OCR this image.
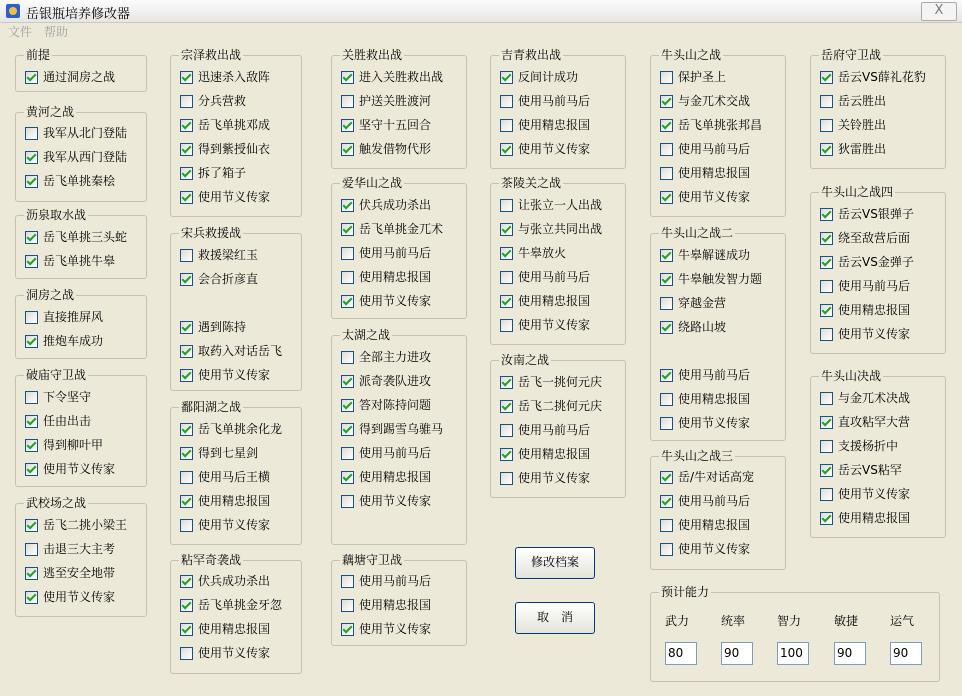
岳银瓶培养修改器	X
文件 帮助
前提
通过洞房之战
黄河之战
我军从北门登陆
我军从西门登陆
岳飞单挑秦桧
沥泉取水战
岳飞单挑三头蛇
岳飞单挑牛皋
洞房之战
直接推屏风
推炮车成功
破庙守卫战
下令坚守
任由出击
得到柳叶甲
使用节义传家
武校场之战
岳飞二挑小梁王
击退三大主考
逃至安全地带
使用节义传家
宗泽救出战
迅速杀入敌阵
分兵营救
岳飞单挑邓成
得到紫授仙衣
拆了箱子
使用节义传家
宋兵救援战
救援梁红玉
会合折彦直
遇到陈持
取药入对话岳飞
使用节义传家
鄱阳湖之战
岳飞单挑余化龙
得到七星剑
使用马后王横
使用精忠报国
使用节义传家
粘罕奇袭战
伏兵成功杀出
岳飞单挑金牙忽
使用精忠报国
使用节义传家
关胜救出战
进入关胜救出战
护送关胜渡河
坚守十五回合
触发借物代形
爱华山之战
伏兵成功杀出
岳飞单挑金兀术
使用马前马后
使用精忠报国
使用节义传家
太湖之战
全部主力进攻
派奇袭队进攻
答对陈持问题
得到踢雪乌骓马
使用马前马后
使用精忠报国
使用节义传家
藕塘守卫战
使用马前马后
使用精忠报国
使用节义传家
吉青救出战
反间计成功
使用马前马后
使用精忠报国
使用节义传家
茶陵关之战
让张立一人出战
与张立共同出战
牛皋放火
使用马前马后
使用精忠报国
使用节义传家
汝南之战
岳飞一挑何元庆
岳飞二挑何元庆
使用马前马后
使用精忠报国
使用节义传家
牛头山之战
保护圣上
与金兀术交战
岳飞单挑张邦昌
使用马前马后
使用精忠报国
使用节义传家
牛头山之战二
牛皋解谜成功
牛皋触发智力题
穿越金营
绕路山坡
使用马前马后
使用精忠报国
使用节义传家
牛头山之战三
岳/牛对话高宠
使用马前马后
使用精忠报国
使用节义传家
岳府守卫战
岳云VS薛礼花豹
岳云胜出
关铃胜出
狄雷胜出
牛头山之战四
岳云VS银弹子
绕至敌营后面
岳云VS金弹子
使用马前马后
使用精忠报国
使用节义传家
牛头山决战
与金兀术决战
直攻粘罕大营
支援杨折中
岳云VS粘罕
使用节义传家
使用精忠报国
修改档案
取　消
预计能力
武力
80
统率
90
智力
100
敏捷
90
运气
90
